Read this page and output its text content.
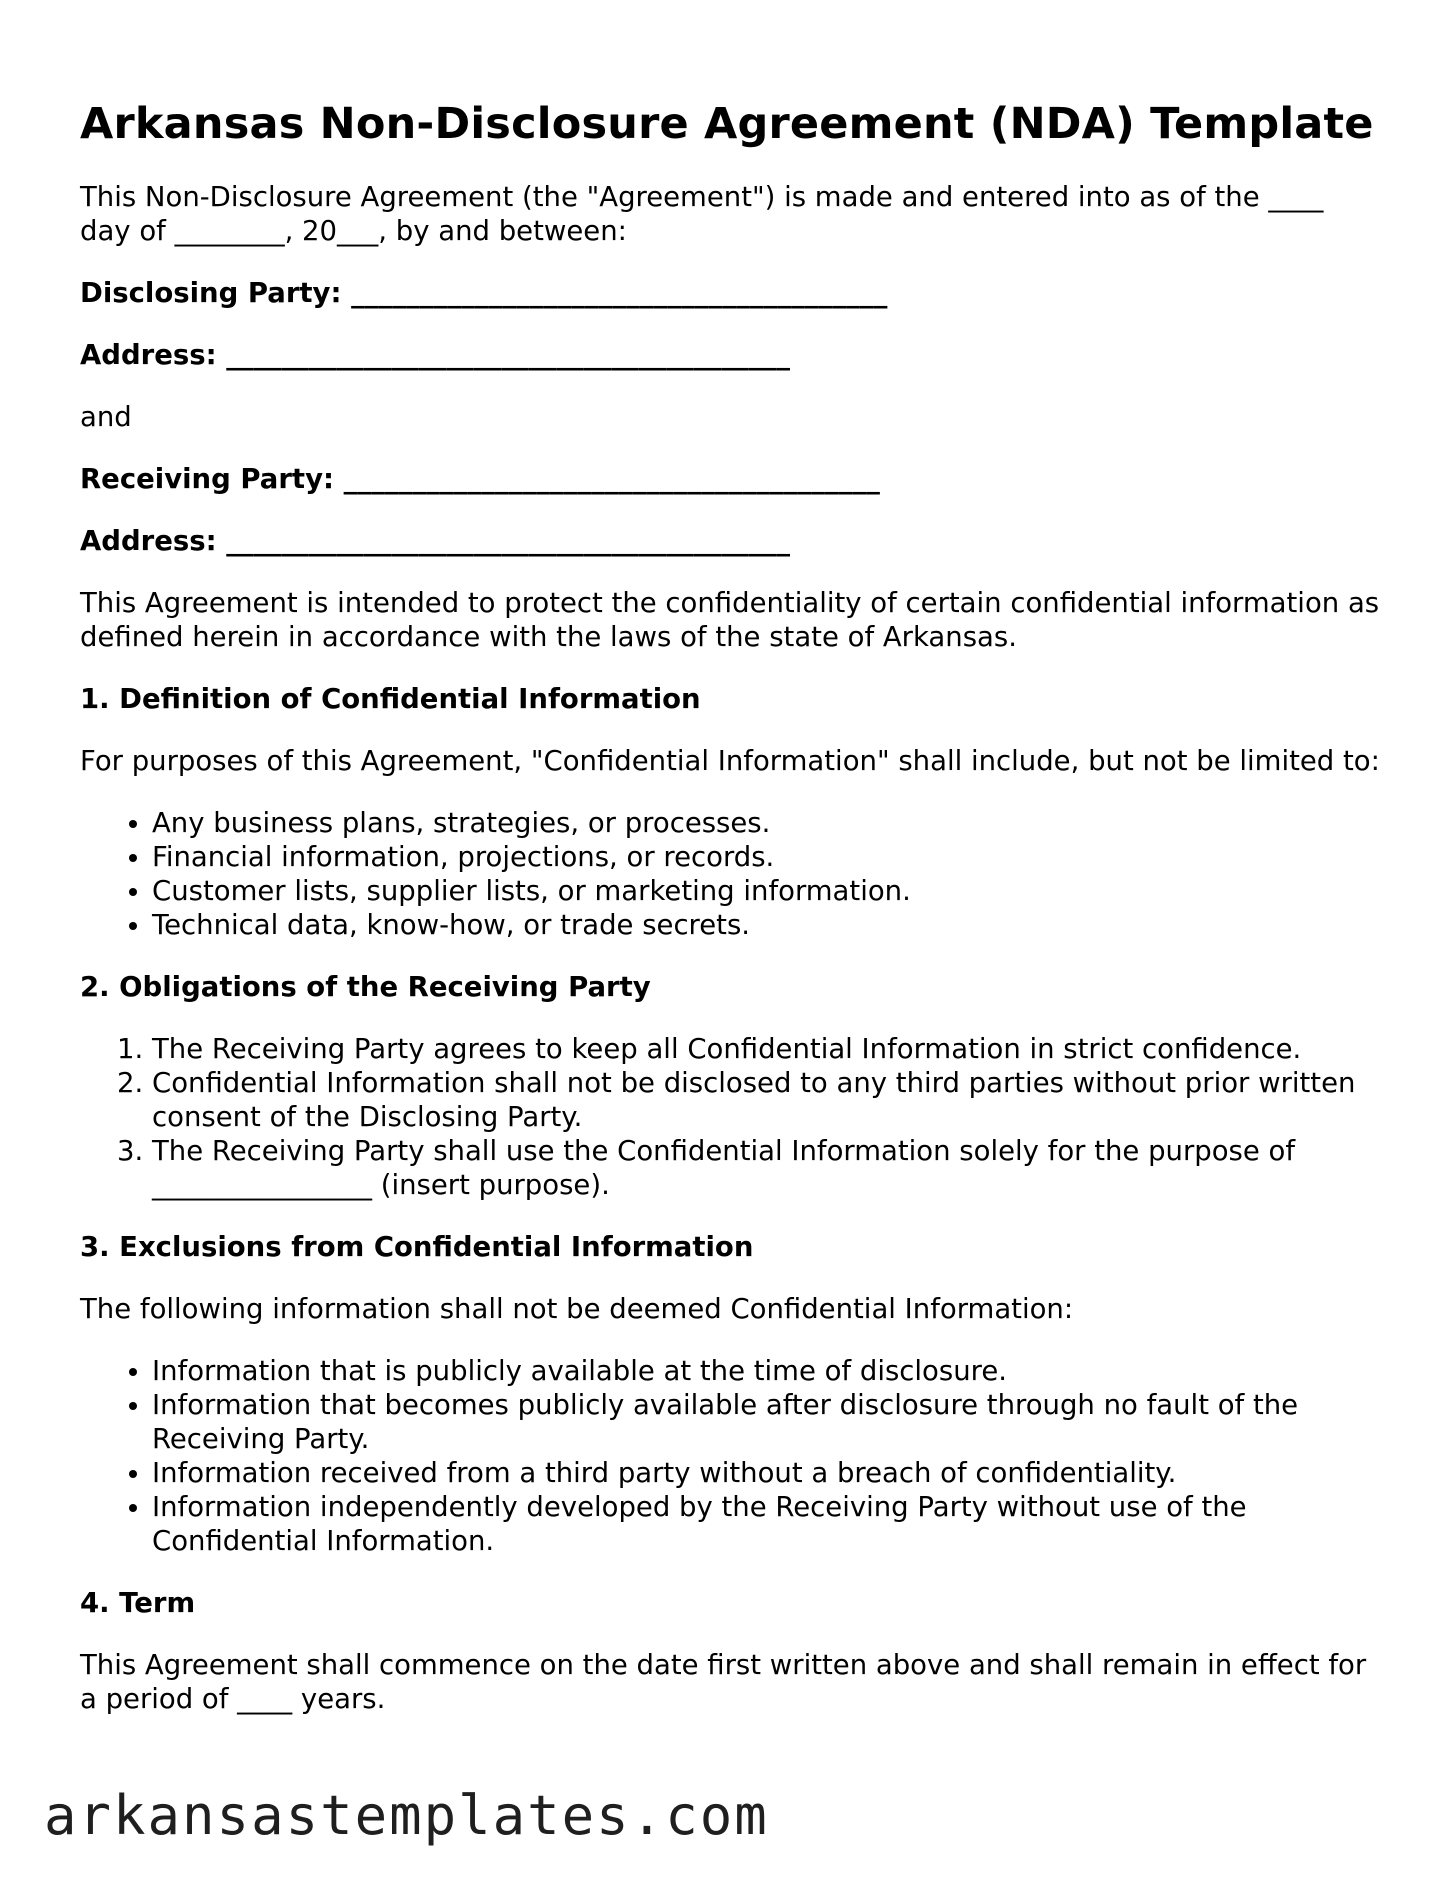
Arkansas Non-Disclosure Agreement (NDA) Template

This Non-Disclosure Agreement (the "Agreement") is made and entered into as of the ____ day of ________, 20___, by and between:

Disclosing Party: _______________________________________

Address: _________________________________________

and

Receiving Party: _______________________________________

Address: _________________________________________

This Agreement is intended to protect the confidentiality of certain confidential information as defined herein in accordance with the laws of the state of Arkansas.

1. Definition of Confidential Information

For purposes of this Agreement, "Confidential Information" shall include, but not be limited to:

• Any business plans, strategies, or processes.
• Financial information, projections, or records.
• Customer lists, supplier lists, or marketing information.
• Technical data, know-how, or trade secrets.
2. Obligations of the Receiving Party
1. The Receiving Party agrees to keep all Confidential Information in strict confidence.
2. Confidential Information shall not be disclosed to any third parties without prior written consent of the Disclosing Party.
3. The Receiving Party shall use the Confidential Information solely for the purpose of ________________ (insert purpose).
3. Exclusions from Confidential Information

The following information shall not be deemed Confidential Information:

• Information that is publicly available at the time of disclosure.
• Information that becomes publicly available after disclosure through no fault of the Receiving Party.
• Information received from a third party without a breach of confidentiality.
• Information independently developed by the Receiving Party without use of the Confidential Information.
4. Term

This Agreement shall commence on the date first written above and shall remain in effect for a period of ____ years.

arkansastemplates.com
